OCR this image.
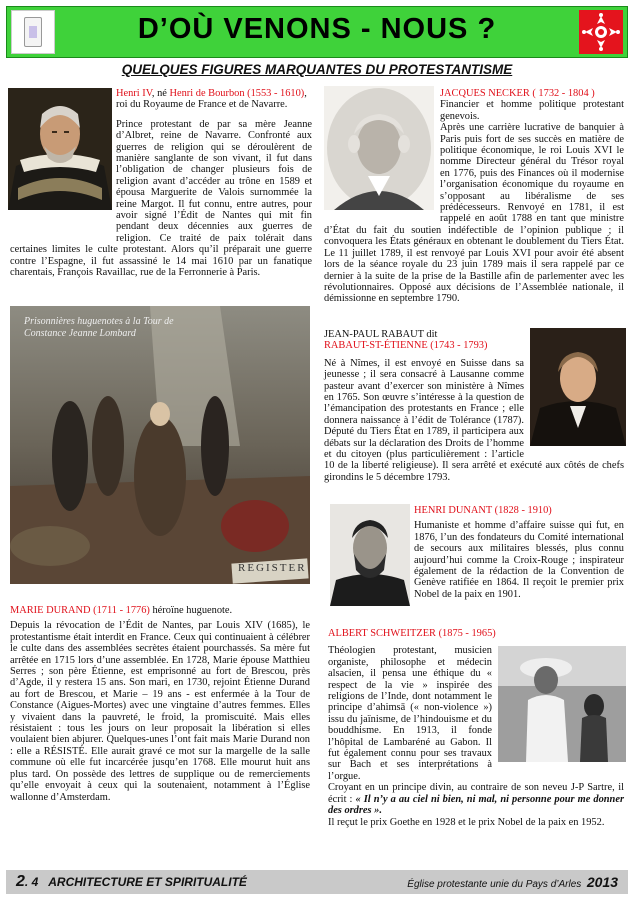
D’OÙ VENONS - NOUS ?
QUELQUES FIGURES MARQUANTES DU PROTESTANTISME
Henri IV, né Henri de Bourbon (1553 - 1610), roi du Royaume de France et de Navarre.
Prince protestant de par sa mère Jeanne d’Albret, reine de Navarre. Confronté aux guerres de religion qui se déroulèrent de manière sanglante de son vivant, il fut dans l’obligation de changer plusieurs fois de religion avant d’accéder au trône en 1589 et épousa Marguerite de Valois surnommée la reine Margot. Il fut connu, entre autres, pour avoir signé l’Édit de Nantes qui mit fin pendant deux décennies aux guerres de religion. Ce traité de paix tolérait dans certaines limites le culte protestant. Alors qu’il préparait une guerre contre l’Espagne, il fut assassiné le 14 mai 1610 par un fanatique charentais, François Ravaillac, rue de la Ferronnerie à Paris.
Prisonnières huguenotes à la Tour de Constance Jeanne Lombard
REGISTER
MARIE DURAND (1711 - 1776) héroïne huguenote.
Depuis la révocation de l’Édit de Nantes, par Louis XIV (1685), le protestantisme était interdit en France. Ceux qui continuaient à célébrer le culte dans des assemblées secrètes étaient pourchassés. Sa mère fut arrêtée en 1715 lors d’une assemblée. En 1728, Marie épouse Matthieu Serres ; son père Étienne, est emprisonné au fort de Brescou, près d’Agde, il y restera 15 ans. Son mari, en 1730, rejoint Étienne Durand au fort de Brescou, et Marie – 19 ans - est enfermée à la Tour de Constance (Aigues-Mortes) avec une vingtaine d’autres femmes. Elles y vivaient dans la pauvreté, le froid, la promiscuité. Mais elles résistaient : tous les jours on leur proposait la libération si elles voulaient bien abjurer. Quelques-unes l’ont fait mais Marie Durand non : elle a RÉSISTÉ. Elle aurait gravé ce mot sur la margelle de la salle commune où elle fut incarcérée jusqu’en 1768. Elle mourut huit ans plus tard. On possède des lettres de supplique ou de remerciements qu’elle envoyait à ceux qui la soutenaient, notamment à l’Église wallonne d’Amsterdam.
JACQUES NECKER ( 1732 - 1804 )
Financier et homme politique protestant genevois.
Après une carrière lucrative de banquier à Paris puis fort de ses succès en matière de politique économique, le roi Louis XVI le nomme Directeur général du Trésor royal en 1776, puis des Finances où il modernise l’organisation économique du royaume en s’opposant au libéralisme de ses prédécesseurs. Renvoyé en 1781, il est rappelé en août 1788 en tant que ministre d’État du fait du soutien indéfectible de l’opinion publique ; il convoquera les États généraux en obtenant le doublement du Tiers État. Le 11 juillet 1789, il est renvoyé par Louis XVI pour avoir été absent lors de la séance royale du 23 juin 1789 mais il sera rappelé par ce dernier à la suite de la prise de la Bastille afin de parlementer avec les révolutionnaires. Opposé aux décisions de l’Assemblée nationale, il démissionne en septembre 1790.
JEAN-PAUL RABAUT dit
RABAUT-ST-ÉTIENNE (1743 - 1793)
Né à Nîmes, il est envoyé en Suisse dans sa jeunesse ; il sera consacré à Lausanne comme pasteur avant d’exercer son ministère à Nîmes en 1765. Son œuvre s’intéresse à la question de l’émancipation des protestants en France ; elle donnera naissance à l’édit de Tolérance (1787). Député du Tiers État en 1789, il participera aux débats sur la déclaration des Droits de l’homme et du citoyen (plus particulièrement : l’article 10 de la liberté religieuse). Il sera arrêté et exécuté aux côtés de chefs girondins le 5 décembre 1793.
HENRI DUNANT (1828 - 1910)
Humaniste et homme d’affaire suisse qui fut, en 1876, l’un des fondateurs du Comité international de secours aux militaires blessés, plus connu aujourd’hui comme la Croix-Rouge ; inspirateur également de la rédaction de la Convention de Genève ratifiée en 1864. Il reçoit le premier prix Nobel de la paix en 1901.
ALBERT SCHWEITZER (1875 - 1965)
Théologien protestant, musicien organiste, philosophe et médecin alsacien, il pensa une éthique du « respect de la vie » inspirée des religions de l’Inde, dont notamment le principe d’ahimsā (« non-violence ») issu du jaïnisme, de l’hindouisme et du bouddhisme. En 1913, il fonde l’hôpital de Lambaréné au Gabon. Il fut également connu pour ses travaux sur Bach et ses interprétations à l’orgue.
Croyant en un principe divin, au contraire de son neveu J-P Sartre, il écrit : « Il n’y a au ciel ni bien, ni mal, ni personne pour me donner des ordres ».
Il reçut le prix Goethe en 1928 et le prix Nobel de la paix en 1952.
2. 4 ARCHITECTURE ET SPIRITUALITÉ	Église protestante unie du Pays d’Arles 2013
